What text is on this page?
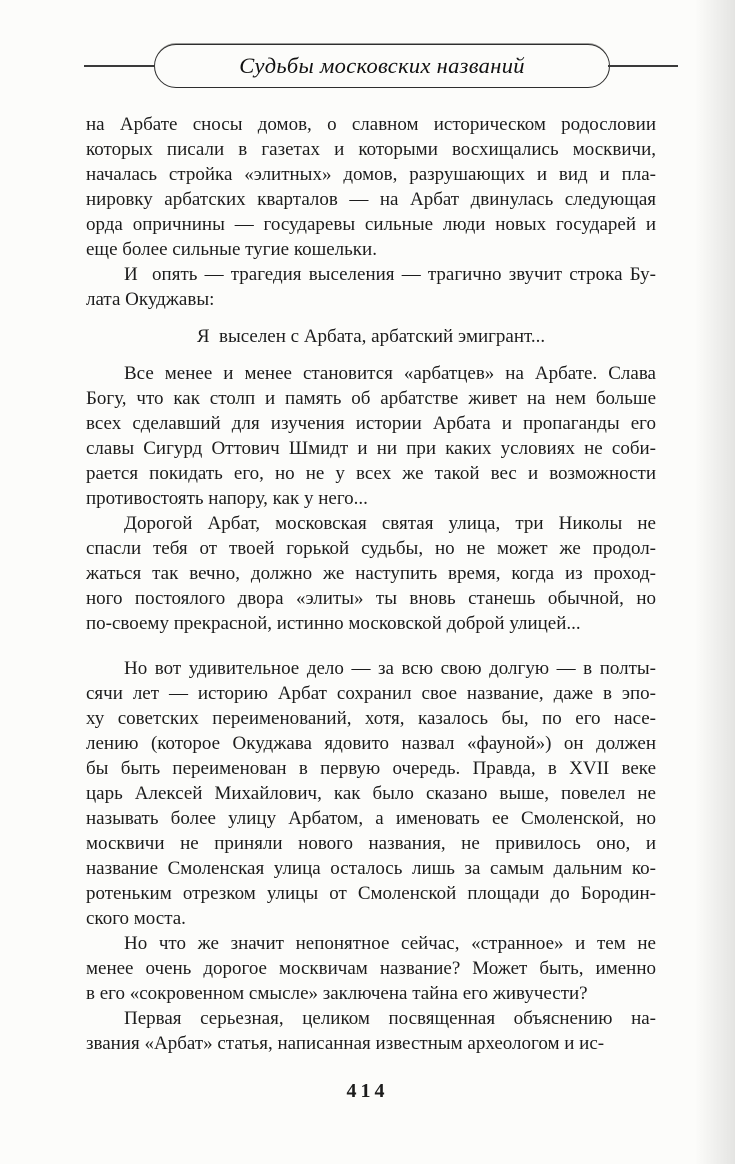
Судьбы московских названий
на Арбате сносы домов, о славном историческом родословии
которых писали в газетах и которыми восхищались москвичи,
началась стройка «элитных» домов, разрушающих и вид и пла-
нировку арбатских кварталов — на Арбат двинулась следующая
орда опричнины — государевы сильные люди новых государей и
еще более сильные тугие кошельки.
И  опять — трагедия выселения — трагично звучит строка Бу-
лата Окуджавы:
Я  выселен с Арбата, арбатский эмигрант...
Все менее и менее становится «арбатцев» на Арбате. Слава
Богу, что как столп и память об арбатстве живет на нем больше
всех сделавший для изучения истории Арбата и пропаганды его
славы Сигурд Оттович Шмидт и ни при каких условиях не соби-
рается покидать его, но не у всех же такой вес и возможности
противостоять напору, как у него...
Дорогой Арбат, московская святая улица, три Николы не
спасли тебя от твоей горькой судьбы, но не может же продол-
жаться так вечно, должно же наступить время, когда из проход-
ного постоялого двора «элиты» ты вновь станешь обычной, но
по-своему прекрасной, истинно московской доброй улицей...
Но вот удивительное дело — за всю свою долгую — в полты-
сячи лет — историю Арбат сохранил свое название, даже в эпо-
ху советских переименований, хотя, казалось бы, по его насе-
лению (которое Окуджава ядовито назвал «фауной») он должен
бы быть переименован в первую очередь. Правда, в XVII веке
царь Алексей Михайлович, как было сказано выше, повелел не
называть более улицу Арбатом, а именовать ее Смоленской, но
москвичи не приняли нового названия, не привилось оно, и
название Смоленская улица осталось лишь за самым дальним ко-
ротеньким отрезком улицы от Смоленской площади до Бородин-
ского моста.
Но что же значит непонятное сейчас, «странное» и тем не
менее очень дорогое москвичам название? Может быть, именно
в его «сокровенном смысле» заключена тайна его живучести?
Первая серьезная, целиком посвященная объяснению на-
звания «Арбат» статья, написанная известным археологом и ис-
414
